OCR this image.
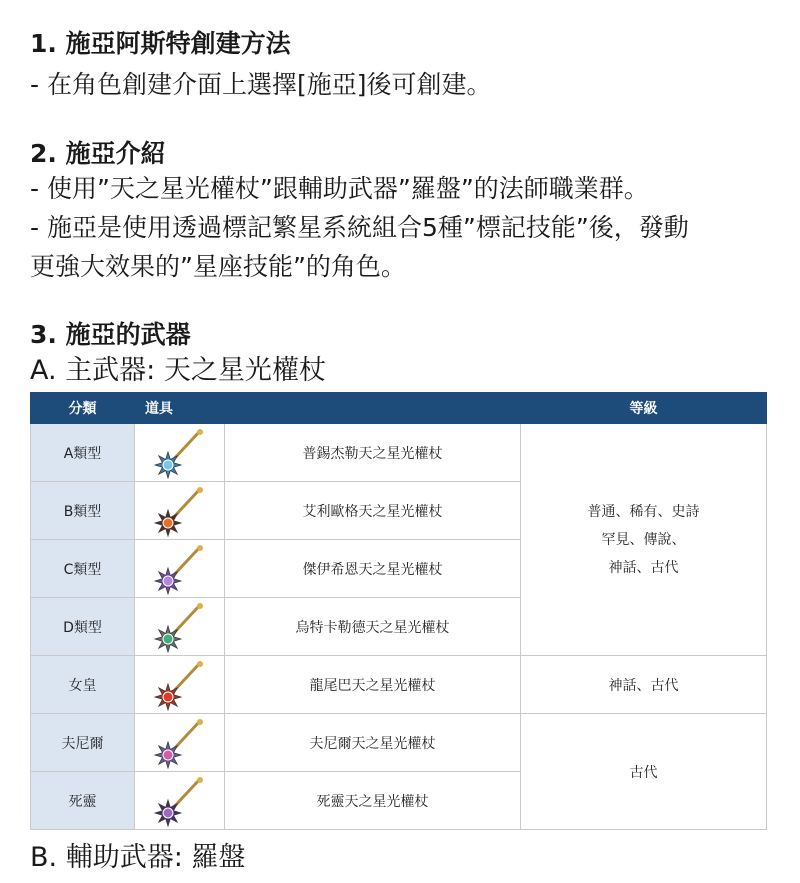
1. 施亞阿斯特創建方法
- 在角色創建介面上選擇[施亞]後可創建。
2. 施亞介紹
- 使用”天之星光權杖”跟輔助武器”羅盤”的法師職業群。
- 施亞是使用透過標記繁星系統組合5種”標記技能”後，發動
更強大效果的”星座技能”的角色。
3. 施亞的武器
A. 主武器: 天之星光權杖
分類	道具		等級
A類型		普錫杰勒天之星光權杖	普通、稀有、史詩
罕見、傳說、
神話、古代

B類型		艾利歐格天之星光權杖	
C類型		傑伊希恩天之星光權杖	
D類型		烏特卡勒德天之星光權杖	
女皇		龍尾巴天之星光權杖	神話、古代
夫尼爾		夫尼爾天之星光權杖	古代
死靈		死靈天之星光權杖	
B. 輔助武器: 羅盤
